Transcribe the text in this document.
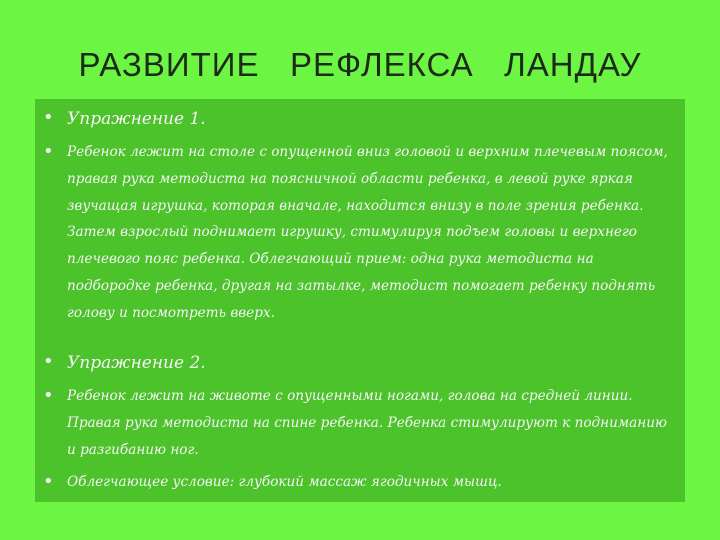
РАЗВИТИЕ   РЕФЛЕКСА   ЛАНДАУ
• Упражнение 1.
• Ребенок лежит на столе с опущенной вниз головой и верхним плечевым поясом, правая рука методиста на поясничной области ребенка, в левой руке яркая звучащая игрушка, которая вначале, находится внизу в поле зрения ребенка. Затем взрослый поднимает игрушку, стимулируя подъем головы и верхнего плечевого пояс ребенка. Облегчающий прием: одна рука методиста на подбородке ребенка, другая на затылке, методист помогает ребенку поднять голову и посмотреть вверх.
• Упражнение 2.
• Ребенок лежит на животе с опущенными ногами, голова на средней линии. Правая рука методиста на спине ребенка. Ребенка стимулируют к подниманию и разгибанию ног.
• Облегчающее условие: глубокий массаж ягодичных мышц.
